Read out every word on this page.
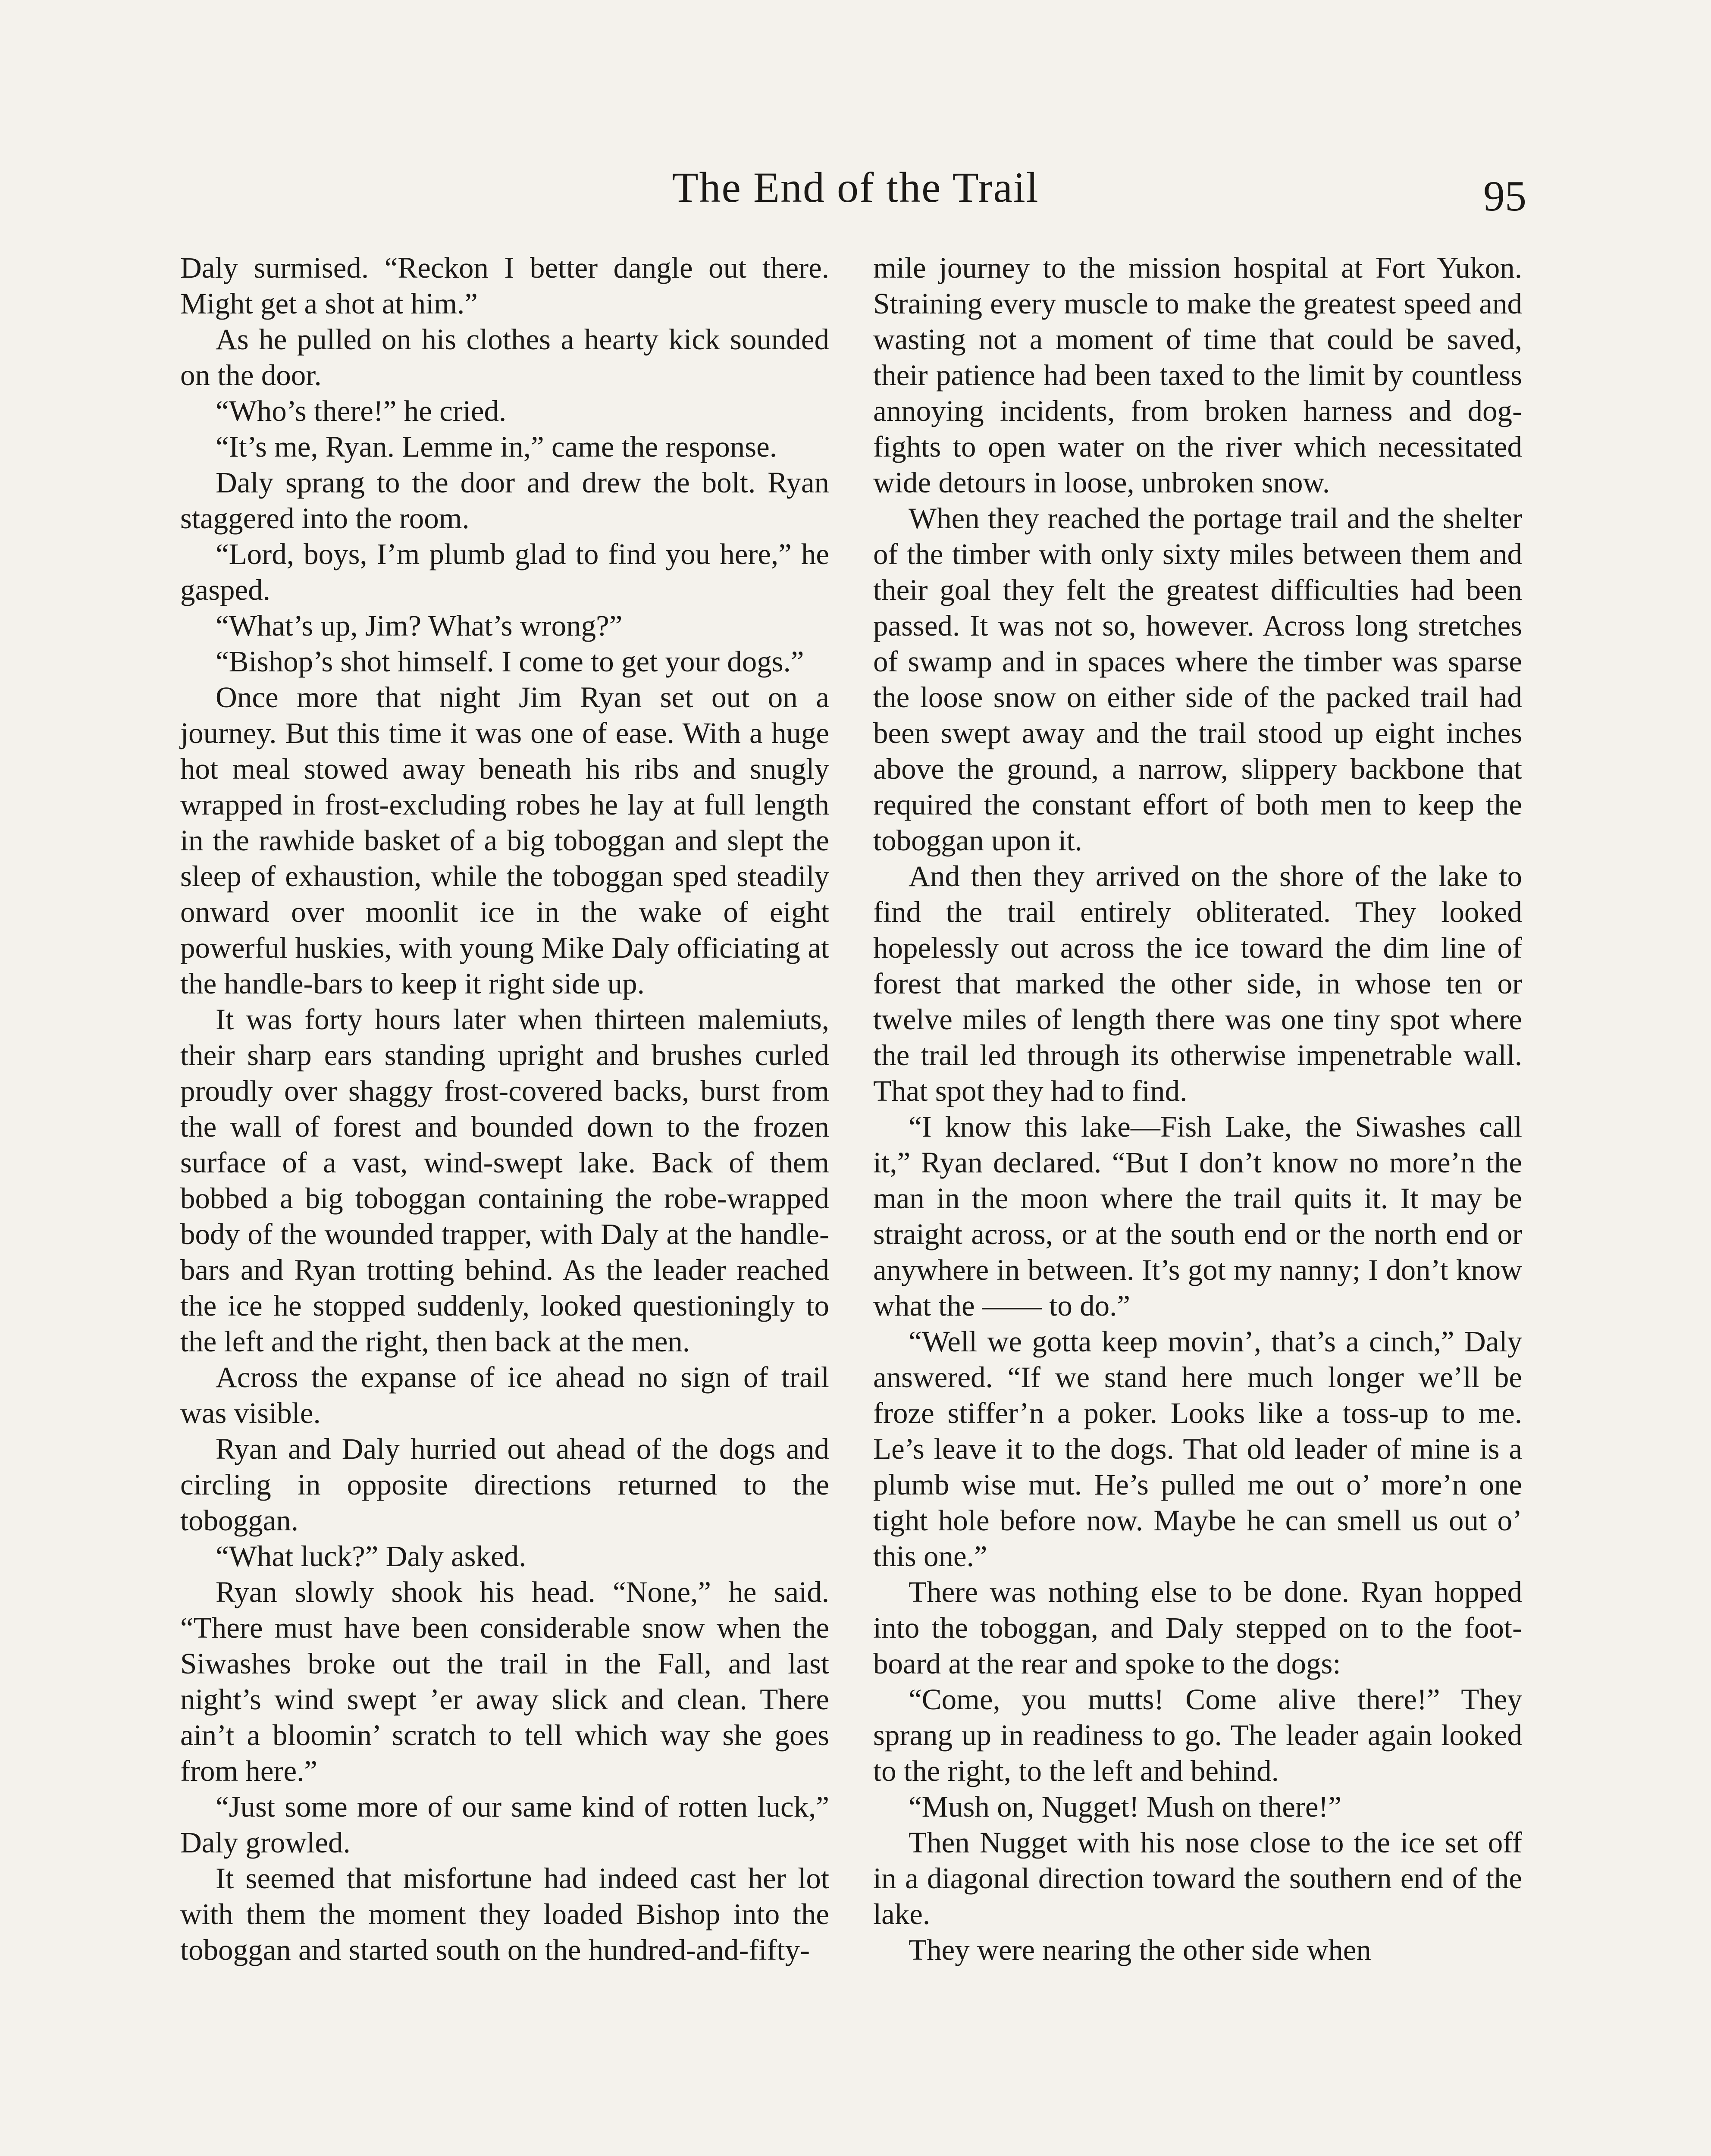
The End of the Trail	95

Daly surmised. “Reckon I better dangle out there. Might get a shot at him.”

As he pulled on his clothes a hearty kick sounded on the door.

“Who’s there!” he cried.

“It’s me, Ryan. Lemme in,” came the response.

Daly sprang to the door and drew the bolt. Ryan staggered into the room.

“Lord, boys, I’m plumb glad to find you here,” he gasped.

“What’s up, Jim? What’s wrong?”

“Bishop’s shot himself. I come to get your dogs.”

Once more that night Jim Ryan set out on a journey. But this time it was one of ease. With a huge hot meal stowed away beneath his ribs and snugly wrapped in frost-excluding robes he lay at full length in the rawhide basket of a big toboggan and slept the sleep of exhaustion, while the toboggan sped steadily onward over moonlit ice in the wake of eight powerful huskies, with young Mike Daly officiating at the handle-bars to keep it right side up.

It was forty hours later when thirteen malemiuts, their sharp ears standing upright and brushes curled proudly over shaggy frost-covered backs, burst from the wall of forest and bounded down to the frozen surface of a vast, wind-swept lake. Back of them bobbed a big toboggan containing the robe-wrapped body of the wounded trapper, with Daly at the handlebars and Ryan trotting behind. As the leader reached the ice he stopped suddenly, looked questioningly to the left and the right, then back at the men.

Across the expanse of ice ahead no sign of trail was visible.

Ryan and Daly hurried out ahead of the dogs and circling in opposite directions returned to the toboggan.

“What luck?” Daly asked.

Ryan slowly shook his head. “None,” he said. “There must have been considerable snow when the Siwashes broke out the trail in the Fall, and last night’s wind swept ’er away slick and clean. There ain’t a bloomin’ scratch to tell which way she goes from here.”

“Just some more of our same kind of rotten luck,” Daly growled.

It seemed that misfortune had indeed cast her lot with them the moment they loaded Bishop into the toboggan and started south on the hundred-and-fifty-

mile journey to the mission hospital at Fort Yukon. Straining every muscle to make the greatest speed and wasting not a moment of time that could be saved, their patience had been taxed to the limit by countless annoying incidents, from broken harness and dog-fights to open water on the river which necessitated wide detours in loose, unbroken snow.

When they reached the portage trail and the shelter of the timber with only sixty miles between them and their goal they felt the greatest difficulties had been passed. It was not so, however. Across long stretches of swamp and in spaces where the timber was sparse the loose snow on either side of the packed trail had been swept away and the trail stood up eight inches above the ground, a narrow, slippery backbone that required the constant effort of both men to keep the toboggan upon it.

And then they arrived on the shore of the lake to find the trail entirely obliterated. They looked hopelessly out across the ice toward the dim line of forest that marked the other side, in whose ten or twelve miles of length there was one tiny spot where the trail led through its otherwise impenetrable wall. That spot they had to find.

“I know this lake—Fish Lake, the Siwashes call it,” Ryan declared. “But I don’t know no more’n the man in the moon where the trail quits it. It may be straight across, or at the south end or the north end or anywhere in between. It’s got my nanny; I don’t know what the —— to do.”

“Well we gotta keep movin’, that’s a cinch,” Daly answered. “If we stand here much longer we’ll be froze stiffer’n a poker. Looks like a toss-up to me. Le’s leave it to the dogs. That old leader of mine is a plumb wise mut. He’s pulled me out o’ more’n one tight hole before now. Maybe he can smell us out o’ this one.”

There was nothing else to be done. Ryan hopped into the toboggan, and Daly stepped on to the foot-board at the rear and spoke to the dogs:

“Come, you mutts! Come alive there!” They sprang up in readiness to go. The leader again looked to the right, to the left and behind.

“Mush on, Nugget! Mush on there!”

Then Nugget with his nose close to the ice set off in a diagonal direction toward the southern end of the lake.

They were nearing the other side when
